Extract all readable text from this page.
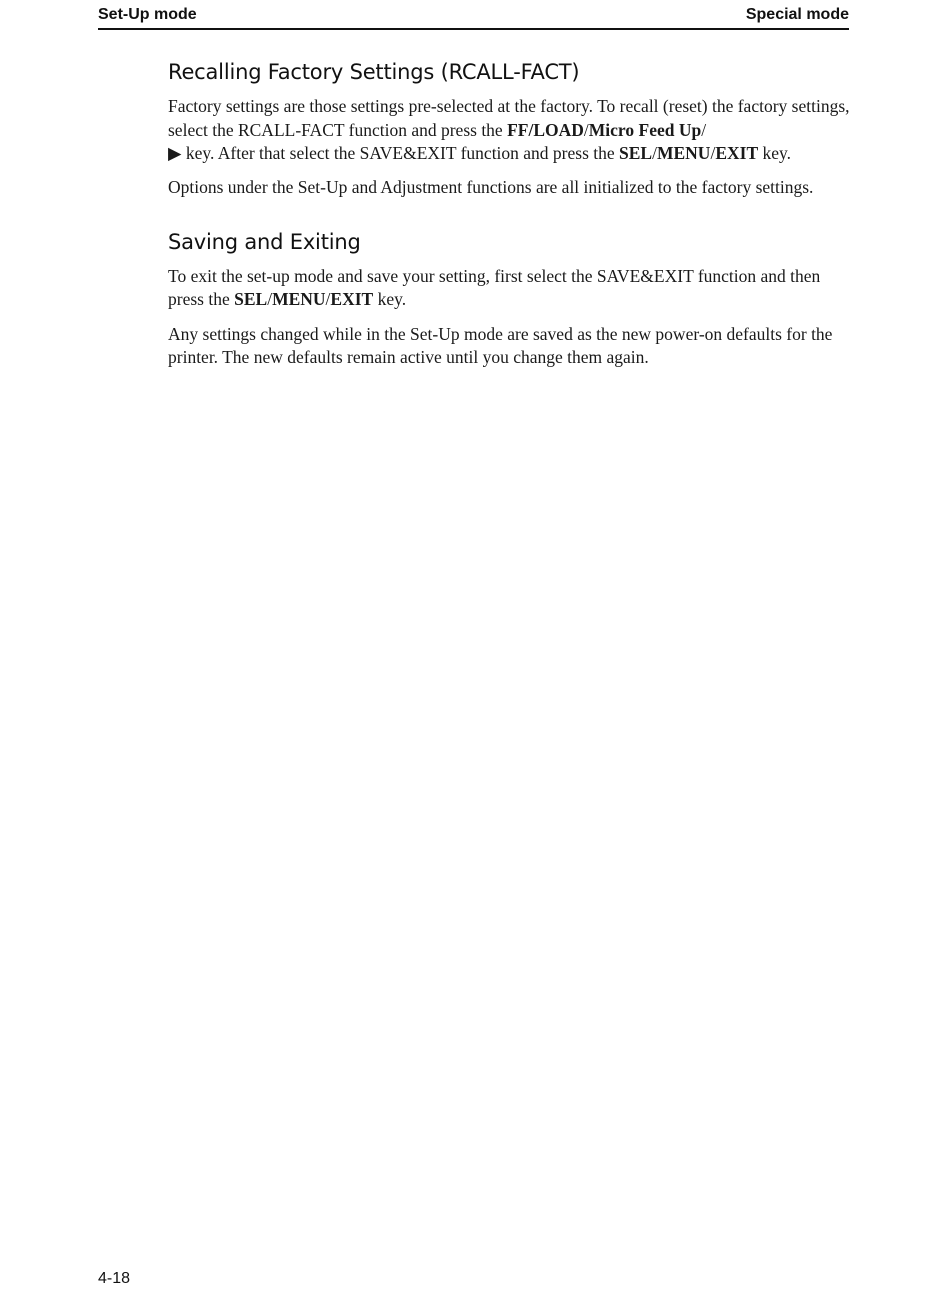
Set-Up mode	Special mode
Recalling Factory Settings (RCALL-FACT)

Factory settings are those settings pre-selected at the factory. To recall (reset) the factory settings, select the RCALL-FACT function and press the FF/LOAD/Micro Feed Up/
▶ key. After that select the SAVE&EXIT function and press the SEL/MENU/EXIT key.

Options under the Set-Up and Adjustment functions are all initialized to the factory settings.

Saving and Exiting

To exit the set-up mode and save your setting, first select the SAVE&EXIT function and then press the SEL/MENU/EXIT key.

Any settings changed while in the Set-Up mode are saved as the new power-on defaults for the printer. The new defaults remain active until you change them again.

4-18
